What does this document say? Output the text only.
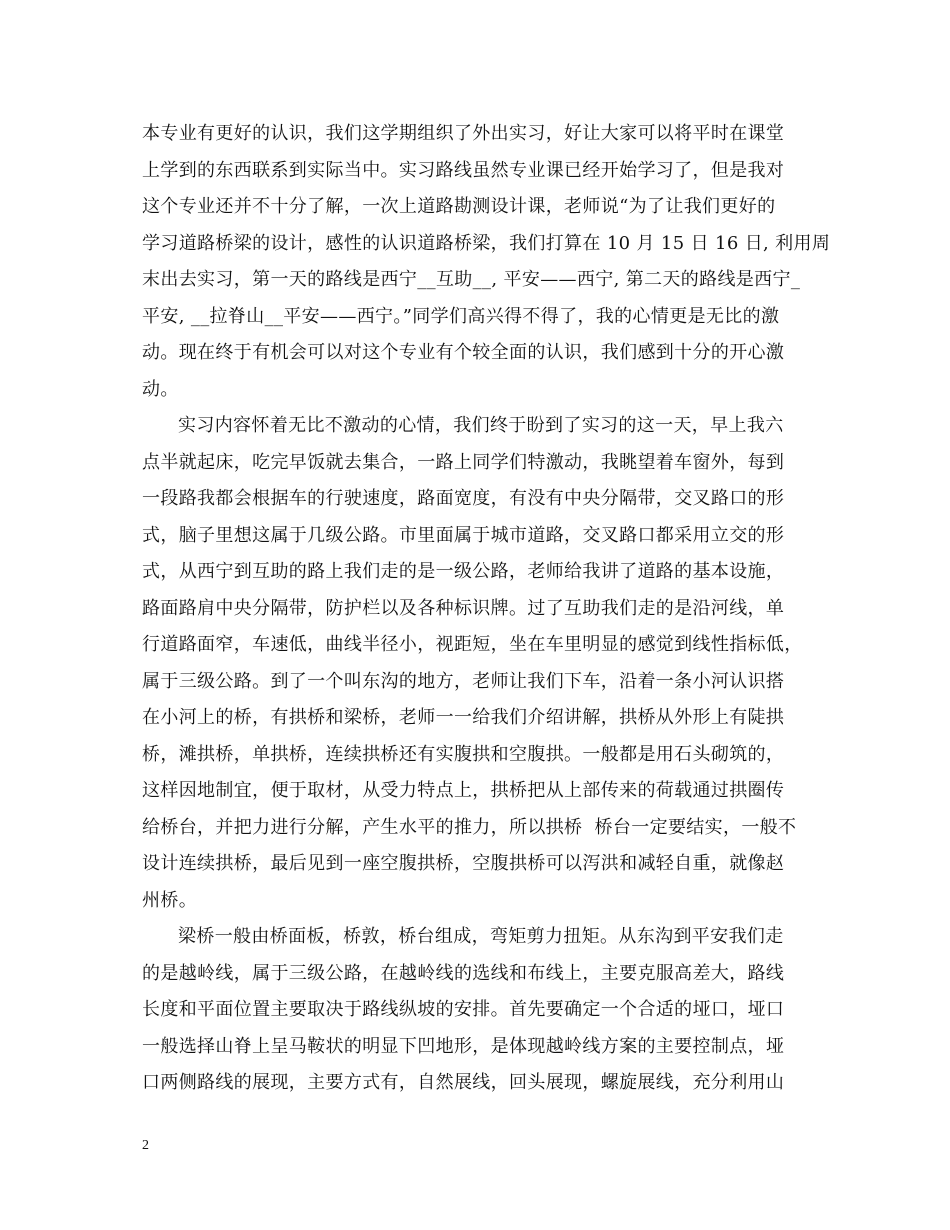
本专业有更好的认识，我们这学期组织了外出实习，好让大家可以将平时在课堂
上学到的东西联系到实际当中。实习路线虽然专业课已经开始学习了，但是我对
这个专业还并不十分了解，一次上道路勘测设计课，老师说“为了让我们更好的
学习道路桥梁的设计，感性的认识道路桥梁，我们打算在 10 月 15 日 16 日, 利用周
末出去实习，第一天的路线是西宁__互助__, 平安——西宁, 第二天的路线是西宁_
平安, __拉脊山__平安——西宁。”同学们高兴得不得了，我的心情更是无比的激
动。现在终于有机会可以对这个专业有个较全面的认识，我们感到十分的开心激
动。
实习内容怀着无比不激动的心情，我们终于盼到了实习的这一天，早上我六
点半就起床，吃完早饭就去集合，一路上同学们特激动，我眺望着车窗外，每到
一段路我都会根据车的行驶速度，路面宽度，有没有中央分隔带，交叉路口的形
式，脑子里想这属于几级公路。市里面属于城市道路，交叉路口都采用立交的形
式，从西宁到互助的路上我们走的是一级公路，老师给我讲了道路的基本设施，
路面路肩中央分隔带，防护栏以及各种标识牌。过了互助我们走的是沿河线，单
行道路面窄，车速低，曲线半径小，视距短，坐在车里明显的感觉到线性指标低，
属于三级公路。到了一个叫东沟的地方，老师让我们下车，沿着一条小河认识搭
在小河上的桥，有拱桥和梁桥，老师一一给我们介绍讲解，拱桥从外形上有陡拱
桥，滩拱桥，单拱桥，连续拱桥还有实腹拱和空腹拱。一般都是用石头砌筑的，
这样因地制宜，便于取材，从受力特点上，拱桥把从上部传来的荷载通过拱圈传
给桥台，并把力进行分解，产生水平的推力，所以拱桥  桥台一定要结实，一般不
设计连续拱桥，最后见到一座空腹拱桥，空腹拱桥可以泻洪和减轻自重，就像赵
州桥。
梁桥一般由桥面板，桥敦，桥台组成，弯矩剪力扭矩。从东沟到平安我们走
的是越岭线，属于三级公路，在越岭线的选线和布线上，主要克服高差大，路线
长度和平面位置主要取决于路线纵坡的安排。首先要确定一个合适的垭口，垭口
一般选择山脊上呈马鞍状的明显下凹地形，是体现越岭线方案的主要控制点，垭
口两侧路线的展现，主要方式有，自然展线，回头展现，螺旋展线，充分利用山
2
